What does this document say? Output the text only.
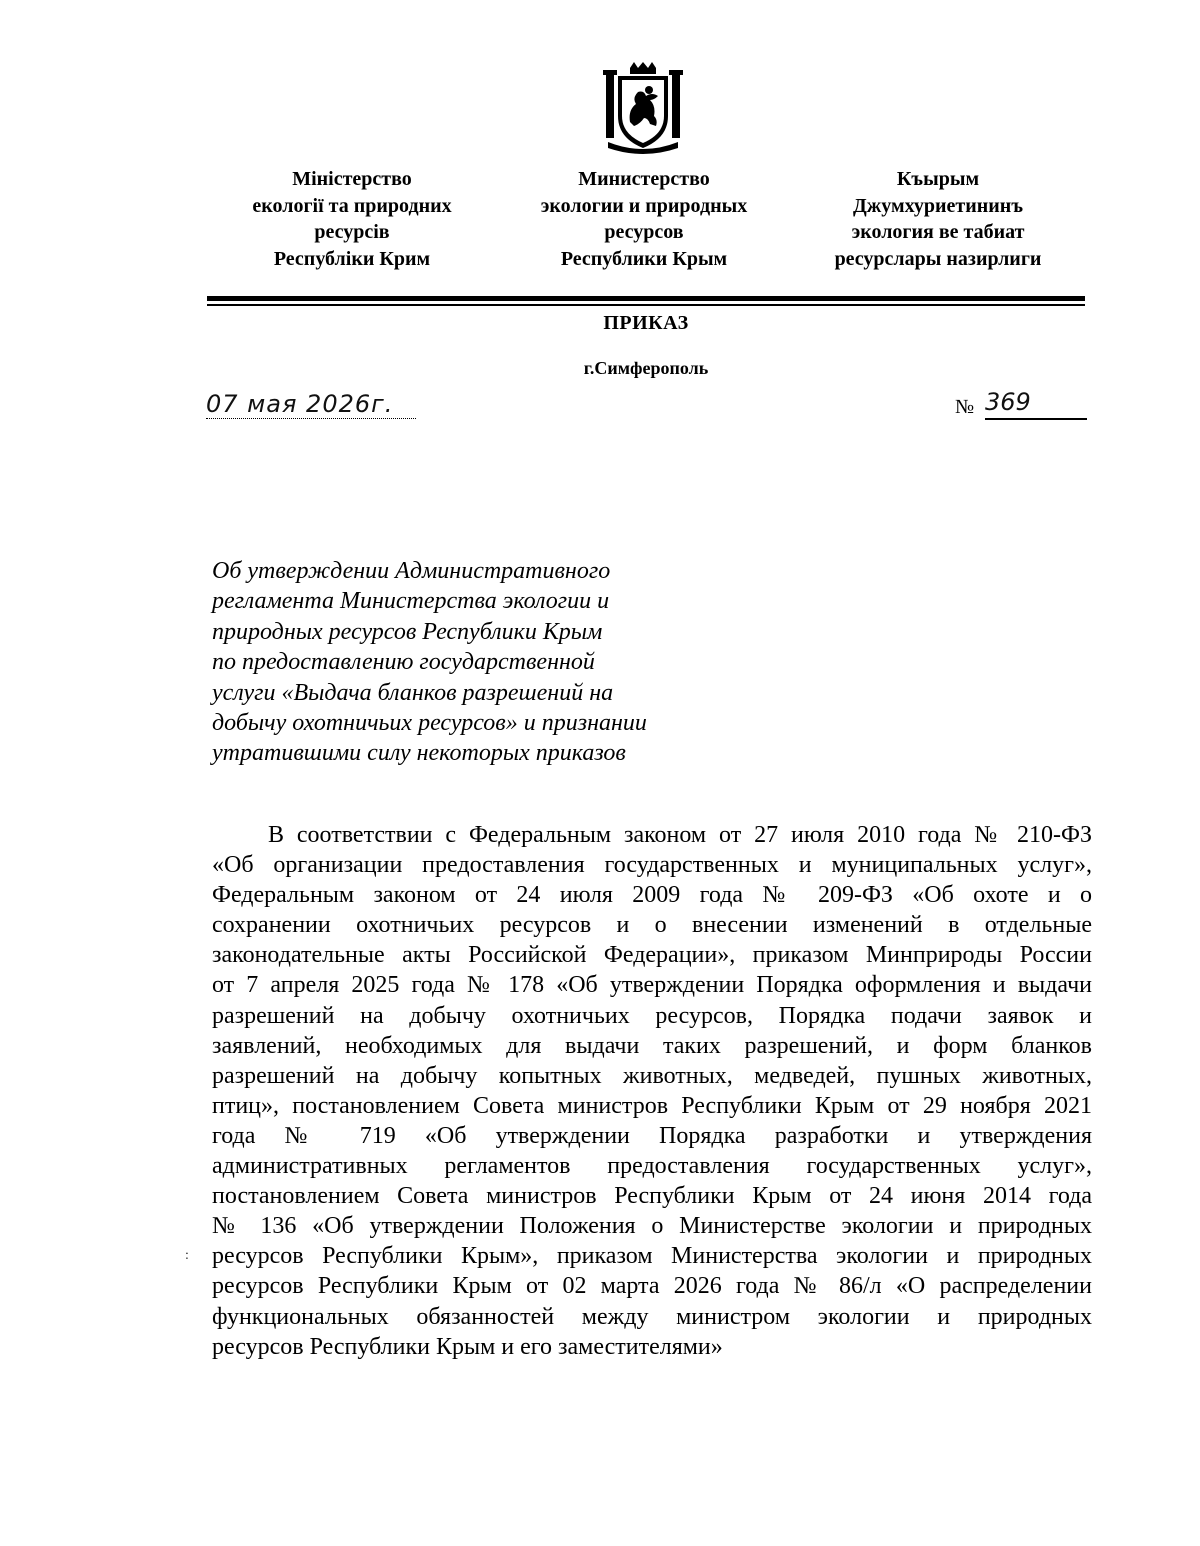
Міністерство
екології та природних
ресурсів
Республіки Крим
Министерство
экологии и природных
ресурсов
Республики Крым
Къырым
Джумхуриетининъ
экология ве табиат
ресурслары назирлиги
ПРИКАЗ
г.Симферополь
07 мая 2026г.	№ 369
Об утверждении Административного
регламента Министерства экологии и
природных ресурсов Республики Крым
по предоставлению государственной
услуги «Выдача бланков разрешений на
добычу охотничьих ресурсов» и признании
утратившими силу некоторых приказов
:
В соответствии с Федеральным законом от 27 июля 2010 года № 210-ФЗ
«Об организации предоставления государственных и муниципальных услуг»,
Федеральным законом от 24 июля 2009 года № 209-ФЗ «Об охоте и о
сохранении охотничьих ресурсов и о внесении изменений в отдельные
законодательные акты Российской Федерации», приказом Минприроды России
от 7 апреля 2025 года № 178 «Об утверждении Порядка оформления и выдачи
разрешений на добычу охотничьих ресурсов, Порядка подачи заявок и
заявлений, необходимых для выдачи таких разрешений, и форм бланков
разрешений на добычу копытных животных, медведей, пушных животных,
птиц», постановлением Совета министров Республики Крым от 29 ноября 2021
года № 719 «Об утверждении Порядка разработки и утверждения
административных регламентов предоставления государственных услуг»,
постановлением Совета министров Республики Крым от 24 июня 2014 года
№ 136 «Об утверждении Положения о Министерстве экологии и природных
ресурсов Республики Крым», приказом Министерства экологии и природных
ресурсов Республики Крым от 02 марта 2026 года № 86/л «О распределении
функциональных обязанностей между министром экологии и природных
ресурсов Республики Крым и его заместителями»
